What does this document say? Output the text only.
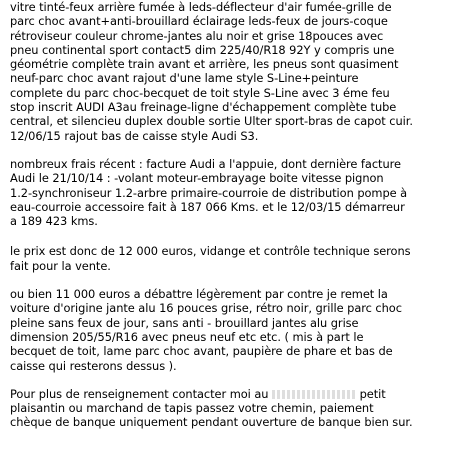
vitre tinté-feux arrière fumée à leds-déflecteur d'air fumée-grille de

parc choc avant+anti-brouillard éclairage leds-feux de jours-coque

rétroviseur couleur chrome-jantes alu noir et grise 18pouces avec

pneu continental sport contact5 dim 225/40/R18 92Y y compris une

géométrie complète train avant et arrière, les pneus sont quasiment

neuf-parc choc avant rajout d'une lame style S-Line+peinture

complete du parc choc-becquet de toit style S-Line avec 3 éme feu

stop inscrit AUDI A3au freinage-ligne d'échappement complète tube

central, et silencieu duplex double sortie Ulter sport-bras de capot cuir.

12/06/15 rajout bas de caisse style Audi S3.

nombreux frais récent : facture Audi a l'appuie, dont dernière facture

Audi le 21/10/14 : -volant moteur-embrayage boite vitesse pignon

1.2-synchroniseur 1.2-arbre primaire-courroie de distribution pompe à

eau-courroie accessoire fait à 187 066 Kms. et le 12/03/15 démarreur

a 189 423 kms.

le prix est donc de 12 000 euros, vidange et contrôle technique serons

fait pour la vente.

ou bien 11 000 euros a débattre légèrement par contre je remet la

voiture d'origine jante alu 16 pouces grise, rétro noir, grille parc choc

pleine sans feux de jour, sans anti - brouillard jantes alu grise

dimension 205/55/R16 avec pneus neuf etc etc. ( mis à part le

becquet de toit, lame parc choc avant, paupière de phare et bas de

caisse qui resterons dessus ).

Pour plus de renseignement contacter moi au	petit

plaisantin ou marchand de tapis passez votre chemin, paiement

chèque de banque uniquement pendant ouverture de banque bien sur.
